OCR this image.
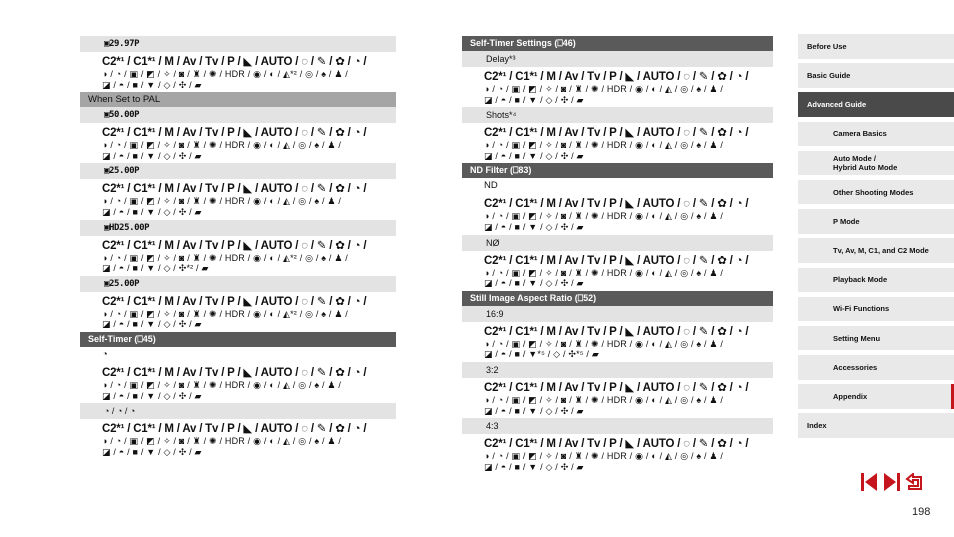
▣29.97P
C2*¹ / C1*¹ / M / Av / Tv / P / ◣ / AUTO / ◌ / ✎ / ✿ / ◔ /
◑ / ◔ / ▣ / ◩ / ✧ / ◙ / ♜ / ✺ / HDR / ◉ / ◐ / ◭*² / ◎ / ♠ / ♟ /
◪ / ◓ / ■ / ▼ / ◇ / ✣ / ▰
When Set to PAL
▣50.00P
C2*¹ / C1*¹ / M / Av / Tv / P / ◣ / AUTO / ◌ / ✎ / ✿ / ◔ /
◑ / ◔ / ▣ / ◩ / ✧ / ◙ / ♜ / ✺ / HDR / ◉ / ◐ / ◭ / ◎ / ♠ / ♟ /
◪ / ◓ / ■ / ▼ / ◇ / ✣ / ▰
▣25.00P
C2*¹ / C1*¹ / M / Av / Tv / P / ◣ / AUTO / ◌ / ✎ / ✿ / ◔ /
◑ / ◔ / ▣ / ◩ / ✧ / ◙ / ♜ / ✺ / HDR / ◉ / ◐ / ◭ / ◎ / ♠ / ♟ /
◪ / ◓ / ■ / ▼ / ◇ / ✣ / ▰
▣HD25.00P
C2*¹ / C1*¹ / M / Av / Tv / P / ◣ / AUTO / ◌ / ✎ / ✿ / ◔ /
◑ / ◔ / ▣ / ◩ / ✧ / ◙ / ♜ / ✺ / HDR / ◉ / ◐ / ◭*² / ◎ / ♠ / ♟ /
◪ / ◓ / ■ / ▼ / ◇ / ✣*² / ▰
▣25.00P
C2*¹ / C1*¹ / M / Av / Tv / P / ◣ / AUTO / ◌ / ✎ / ✿ / ◔ /
◑ / ◔ / ▣ / ◩ / ✧ / ◙ / ♜ / ✺ / HDR / ◉ / ◐ / ◭*² / ◎ / ♠ / ♟ /
◪ / ◓ / ■ / ▼ / ◇ / ✣ / ▰
Self-Timer (⎕45)
◔
C2*¹ / C1*¹ / M / Av / Tv / P / ◣ / AUTO / ◌ / ✎ / ✿ / ◔ /
◑ / ◔ / ▣ / ◩ / ✧ / ◙ / ♜ / ✺ / HDR / ◉ / ◐ / ◭ / ◎ / ♠ / ♟ /
◪ / ◓ / ■ / ▼ / ◇ / ✣ / ▰
◔ / ◔ / ◔
C2*¹ / C1*¹ / M / Av / Tv / P / ◣ / AUTO / ◌ / ✎ / ✿ / ◔ /
◑ / ◔ / ▣ / ◩ / ✧ / ◙ / ♜ / ✺ / HDR / ◉ / ◐ / ◭ / ◎ / ♠ / ♟ /
◪ / ◓ / ■ / ▼ / ◇ / ✣ / ▰
Self-Timer Settings (⎕46)
Delay*³
C2*¹ / C1*¹ / M / Av / Tv / P / ◣ / AUTO / ◌ / ✎ / ✿ / ◔ /
◑ / ◔ / ▣ / ◩ / ✧ / ◙ / ♜ / ✺ / HDR / ◉ / ◐ / ◭ / ◎ / ♠ / ♟ /
◪ / ◓ / ■ / ▼ / ◇ / ✣ / ▰
Shots*⁴
C2*¹ / C1*¹ / M / Av / Tv / P / ◣ / AUTO / ◌ / ✎ / ✿ / ◔ /
◑ / ◔ / ▣ / ◩ / ✧ / ◙ / ♜ / ✺ / HDR / ◉ / ◐ / ◭ / ◎ / ♠ / ♟ /
◪ / ◓ / ■ / ▼ / ◇ / ✣ / ▰
ND Filter (⎕83)
ND
C2*¹ / C1*¹ / M / Av / Tv / P / ◣ / AUTO / ◌ / ✎ / ✿ / ◔ /
◑ / ◔ / ▣ / ◩ / ✧ / ◙ / ♜ / ✺ / HDR / ◉ / ◐ / ◭ / ◎ / ♠ / ♟ /
◪ / ◓ / ■ / ▼ / ◇ / ✣ / ▰
NØ
C2*¹ / C1*¹ / M / Av / Tv / P / ◣ / AUTO / ◌ / ✎ / ✿ / ◔ /
◑ / ◔ / ▣ / ◩ / ✧ / ◙ / ♜ / ✺ / HDR / ◉ / ◐ / ◭ / ◎ / ♠ / ♟ /
◪ / ◓ / ■ / ▼ / ◇ / ✣ / ▰
Still Image Aspect Ratio (⎕52)
16:9
C2*¹ / C1*¹ / M / Av / Tv / P / ◣ / AUTO / ◌ / ✎ / ✿ / ◔ /
◑ / ◔ / ▣ / ◩ / ✧ / ◙ / ♜ / ✺ / HDR / ◉ / ◐ / ◭ / ◎ / ♠ / ♟ /
◪ / ◓ / ■ / ▼*⁵ / ◇ / ✣*⁵ / ▰
3:2
C2*¹ / C1*¹ / M / Av / Tv / P / ◣ / AUTO / ◌ / ✎ / ✿ / ◔ /
◑ / ◔ / ▣ / ◩ / ✧ / ◙ / ♜ / ✺ / HDR / ◉ / ◐ / ◭ / ◎ / ♠ / ♟ /
◪ / ◓ / ■ / ▼ / ◇ / ✣ / ▰
4:3
C2*¹ / C1*¹ / M / Av / Tv / P / ◣ / AUTO / ◌ / ✎ / ✿ / ◔ /
◑ / ◔ / ▣ / ◩ / ✧ / ◙ / ♜ / ✺ / HDR / ◉ / ◐ / ◭ / ◎ / ♠ / ♟ /
◪ / ◓ / ■ / ▼ / ◇ / ✣ / ▰
Before Use
Basic Guide
Advanced Guide
Camera Basics
Auto Mode /
Hybrid Auto Mode
Other Shooting Modes
P Mode
Tv, Av, M, C1, and C2 Mode
Playback Mode
Wi-Fi Functions
Setting Menu
Accessories
Appendix
Index
198
